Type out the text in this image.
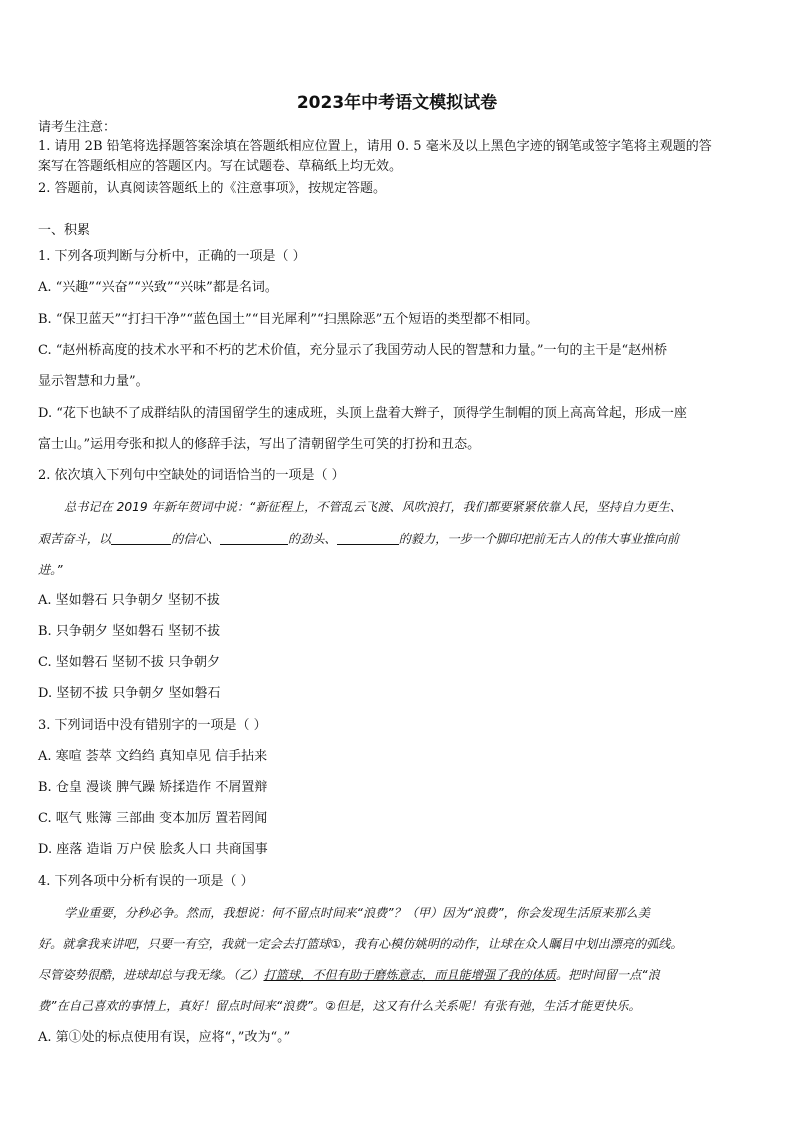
2023年中考语文模拟试卷
请考生注意：
1. 请用 2B 铅笔将选择题答案涂填在答题纸相应位置上，请用 0. 5 毫米及以上黑色字迹的钢笔或签字笔将主观题的答
案写在答题纸相应的答题区内。写在试题卷、草稿纸上均无效。
2. 答题前，认真阅读答题纸上的《注意事项》，按规定答题。
一、积累
1. 下列各项判断与分析中，正确的一项是（ ）
A. “兴趣”“兴奋”“兴致”“兴味”都是名词。
B. “保卫蓝天”“打扫干净”“蓝色国土”“目光犀利”“扫黑除恶”五个短语的类型都不相同。
C. “赵州桥高度的技术水平和不朽的艺术价值，充分显示了我国劳动人民的智慧和力量。”一句的主干是“赵州桥
显示智慧和力量”。
D. “花下也缺不了成群结队的清国留学生的速成班，头顶上盘着大辫子，顶得学生制帽的顶上高高耸起，形成一座
富士山。”运用夸张和拟人的修辞手法，写出了清朝留学生可笑的打扮和丑态。
2. 依次填入下列句中空缺处的词语恰当的一项是（ ）
总书记在 2019 年新年贺词中说：“新征程上，不管乱云飞渡、风吹浪打，我们都要紧紧依靠人民，坚持自力更生、
艰苦奋斗，以	的信心、	的劲头、	的毅力，一步一个脚印把前无古人的伟大事业推向前
进。”
A. 坚如磐石 只争朝夕 坚韧不拔
B. 只争朝夕 坚如磐石 坚韧不拔
C. 坚如磐石 坚韧不拔 只争朝夕
D. 坚韧不拔 只争朝夕 坚如磐石
3. 下列词语中没有错别字的一项是（ ）
A. 寒喧 荟萃 文绉绉 真知卓见 信手拈来
B. 仓皇 漫谈 脾气躁 矫揉造作 不屑置辩
C. 呕气 账簿 三部曲 变本加厉 置若罔闻
D. 座落 造诣 万户侯 脍炙人口 共商国事
4. 下列各项中分析有误的一项是（ ）
学业重要，分秒必争。然而，我想说：何不留点时间来“浪费”？（甲）因为“浪费”，你会发现生活原来那么美
好。就拿我来讲吧，只要一有空，我就一定会去打篮球①，我有心模仿姚明的动作，让球在众人瞩目中划出漂亮的弧线。
尽管姿势很酷，进球却总与我无缘。（乙）打篮球，不但有助于磨炼意志，而且能增强了我的体质。把时间留一点“浪
费”在自己喜欢的事情上，真好！留点时间来“浪费”。②但是，这又有什么关系呢！有张有弛，生活才能更快乐。
A. 第①处的标点使用有误，应将“，”改为“。”
